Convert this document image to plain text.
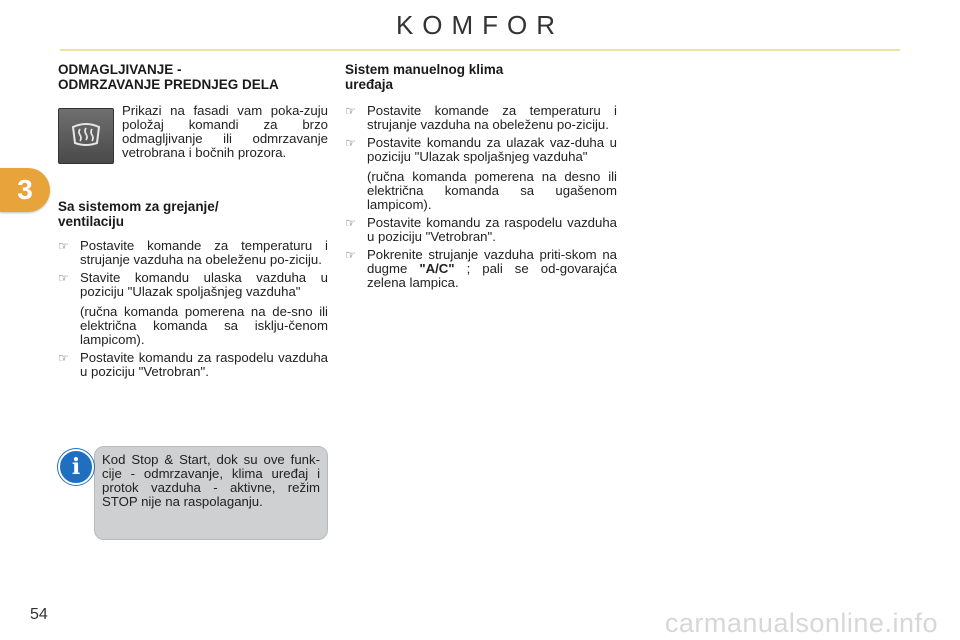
KOMFOR
3
ODMAGLJIVANJE -
ODMRZAVANJE PREDNJEG DELA
Prikazi na fasadi vam poka-zuju položaj komandi za brzo odmagljivanje ili odmrzavanje vetrobrana i bočnih prozora.
Sa sistemom za grejanje/
ventilaciju
☞ Postavite komande za temperaturu i strujanje vazduha na obeleženu po-ziciju.
☞ Stavite komandu ulaska vazduha u poziciju "Ulazak spoljašnjeg vazduha"
(ručna komanda pomerena na de-sno ili električna komanda sa isklju-čenom lampicom).
☞ Postavite komandu za raspodelu vazduha u poziciju "Vetrobran".
Sistem manuelnog klima
uređaja
☞ Postavite komande za temperaturu i strujanje vazduha na obeleženu po-ziciju.
☞ Postavite komandu za ulazak vaz-duha u poziciju "Ulazak spoljašnjeg vazduha"
(ručna komanda pomerena na desno ili električna komanda sa ugašenom lampicom).
☞ Postavite komandu za raspodelu vazduha u poziciju "Vetrobran".
☞ Pokrenite strujanje vazduha priti-skom na dugme "A/C" ; pali se od-govarajća zelena lampica.
i	Kod Stop & Start, dok su ove funk-cije - odmrzavanje, klima uređaj i protok vazduha - aktivne, režim STOP nije na raspolaganju.
54	carmanualsonline.info
